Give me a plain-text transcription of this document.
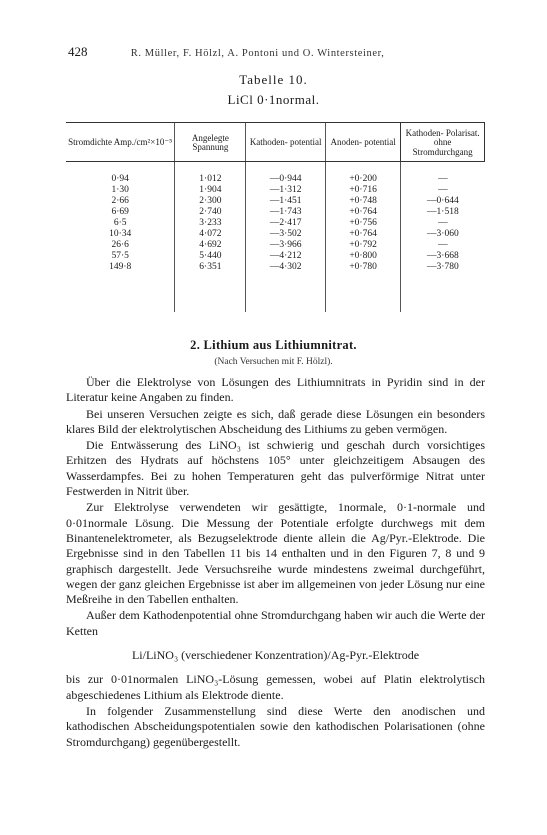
428	R. Müller, F. Hölzl, A. Pontoni und O. Wintersteiner,
Tabelle 10.
LiCl 0·1normal.
Stromdichte Amp./cm²×10⁻⁵	Angelegte Spannung	Kathoden- potential	Anoden- potential	Kathoden- Polarisat. ohne Stromdurchgang
0·94	1·012	—0·944	+0·200	—
1·30	1·904	—1·312	+0·716	—
2·66	2·300	—1·451	+0·748	—0·644
6·69	2·740	—1·743	+0·764	—1·518
6·5	3·233	—2·417	+0·756	—
10·34	4·072	—3·502	+0·764	—3·060
26·6	4·692	—3·966	+0·792	—
57·5	5·440	—4·212	+0·800	—3·668
149·8	6·351	—4·302	+0·780	—3·780
2. Lithium aus Lithiumnitrat.
(Nach Versuchen mit F. Hölzl).

Über die Elektrolyse von Lösungen des Lithiumnitrats in Pyridin sind in der Literatur keine Angaben zu finden.

Bei unseren Versuchen zeigte es sich, daß gerade diese Lösungen ein besonders klares Bild der elektrolytischen Abscheidung des Lithiums zu geben vermögen.

Die Entwässerung des LiNO₃ ist schwierig und geschah durch vorsichtiges Erhitzen des Hydrats auf höchstens 105° unter gleichzeitigem Absaugen des Wasserdampfes. Bei zu hohen Temperaturen geht das pulverförmige Nitrat unter Festwerden in Nitrit über.

Zur Elektrolyse verwendeten wir gesättigte, 1normale, 0·1-normale und 0·01normale Lösung. Die Messung der Potentiale erfolgte durchwegs mit dem Binantenelektrometer, als Bezugselektrode diente allein die Ag/Pyr.-Elektrode. Die Ergebnisse sind in den Tabellen 11 bis 14 enthalten und in den Figuren 7, 8 und 9 graphisch dargestellt. Jede Versuchsreihe wurde mindestens zweimal durchgeführt, wegen der ganz gleichen Ergebnisse ist aber im allgemeinen von jeder Lösung nur eine Meßreihe in den Tabellen enthalten.

Außer dem Kathodenpotential ohne Stromdurchgang haben wir auch die Werte der Ketten

Li/LiNO₃ (verschiedener Konzentration)/Ag-Pyr.-Elektrode

bis zur 0·01normalen LiNO₃-Lösung gemessen, wobei auf Platin elektrolytisch abgeschiedenes Lithium als Elektrode diente.

In folgender Zusammenstellung sind diese Werte den anodischen und kathodischen Abscheidungspotentialen sowie den kathodischen Polarisationen (ohne Stromdurchgang) gegenübergestellt.
